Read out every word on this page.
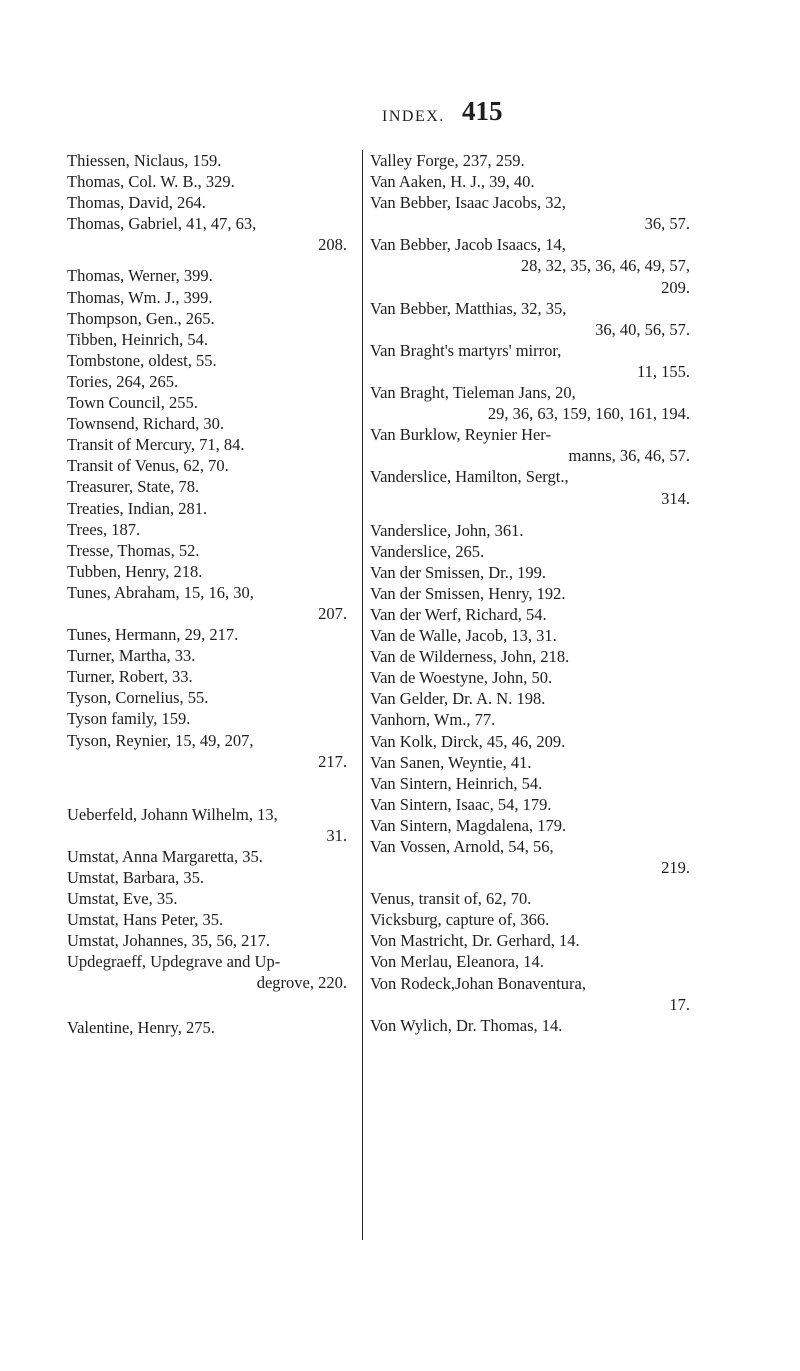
INDEX. 415
Thiessen, Niclaus, 159.
Thomas, Col. W. B., 329.
Thomas, David, 264.
Thomas, Gabriel, 41, 47, 63,
208.
Thomas, Werner, 399.
Thomas, Wm. J., 399.
Thompson, Gen., 265.
Tibben, Heinrich, 54.
Tombstone, oldest, 55.
Tories, 264, 265.
Town Council, 255.
Townsend, Richard, 30.
Transit of Mercury, 71, 84.
Transit of Venus, 62, 70.
Treasurer, State, 78.
Treaties, Indian, 281.
Trees, 187.
Tresse, Thomas, 52.
Tubben, Henry, 218.
Tunes, Abraham, 15, 16, 30,
207.
Tunes, Hermann, 29, 217.
Turner, Martha, 33.
Turner, Robert, 33.
Tyson, Cornelius, 55.
Tyson family, 159.
Tyson, Reynier, 15, 49, 207,
217.
Ueberfeld, Johann Wilhelm, 13,
31.
Umstat, Anna Margaretta, 35.
Umstat, Barbara, 35.
Umstat, Eve, 35.
Umstat, Hans Peter, 35.
Umstat, Johannes, 35, 56, 217.
Updegraeff, Updegrave and Up-
degrove, 220.
Valentine, Henry, 275.
Valley Forge, 237, 259.
Van Aaken, H. J., 39, 40.
Van Bebber, Isaac Jacobs, 32,
36, 57.
Van Bebber, Jacob Isaacs, 14,
28, 32, 35, 36, 46, 49, 57,
209.
Van Bebber, Matthias, 32, 35,
36, 40, 56, 57.
Van Braght's martyrs' mirror,
11, 155.
Van Braght, Tieleman Jans, 20,
29, 36, 63, 159, 160, 161, 194.
Van Burklow, Reynier Her-
manns, 36, 46, 57.
Vanderslice, Hamilton, Sergt.,
314.
Vanderslice, John, 361.
Vanderslice, 265.
Van der Smissen, Dr., 199.
Van der Smissen, Henry, 192.
Van der Werf, Richard, 54.
Van de Walle, Jacob, 13, 31.
Van de Wilderness, John, 218.
Van de Woestyne, John, 50.
Van Gelder, Dr. A. N. 198.
Vanhorn, Wm., 77.
Van Kolk, Dirck, 45, 46, 209.
Van Sanen, Weyntie, 41.
Van Sintern, Heinrich, 54.
Van Sintern, Isaac, 54, 179.
Van Sintern, Magdalena, 179.
Van Vossen, Arnold, 54, 56,
219.
Venus, transit of, 62, 70.
Vicksburg, capture of, 366.
Von Mastricht, Dr. Gerhard, 14.
Von Merlau, Eleanora, 14.
Von Rodeck,Johan Bonaventura,
17.
Von Wylich, Dr. Thomas, 14.
